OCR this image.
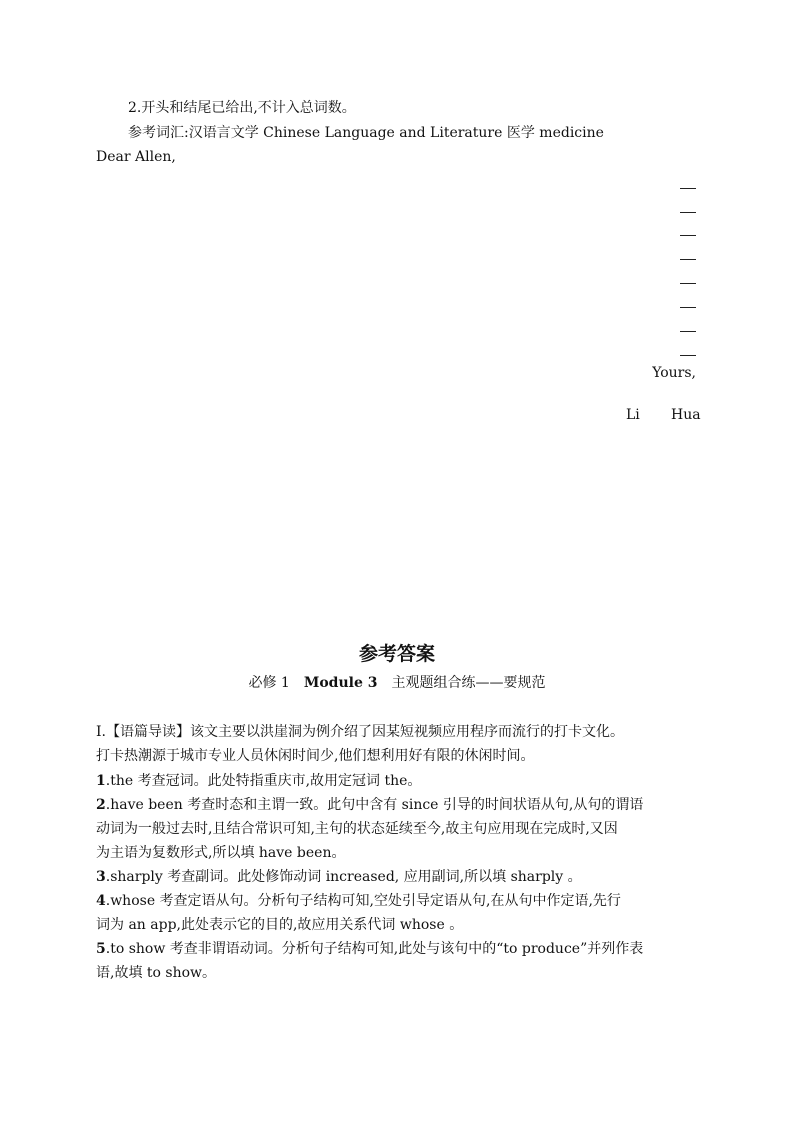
2.开头和结尾已给出,不计入总词数。
参考词汇:汉语言文学 Chinese Language and Literature 医学 medicine
Dear Allen,
Yours,
Li Hua
参考答案
必修 1 Module 3 主观题组合练——要规范
Ⅰ.【语篇导读】该文主要以洪崖洞为例介绍了因某短视频应用程序而流行的打卡文化。
打卡热潮源于城市专业人员休闲时间少,他们想利用好有限的休闲时间。
1.the 考查冠词。此处特指重庆市,故用定冠词 the。
2.have been 考查时态和主谓一致。此句中含有 since 引导的时间状语从句,从句的谓语
动词为一般过去时,且结合常识可知,主句的状态延续至今,故主句应用现在完成时,又因
为主语为复数形式,所以填 have been。
3.sharply 考查副词。此处修饰动词 increased, 应用副词,所以填 sharply 。
4.whose 考查定语从句。分析句子结构可知,空处引导定语从句,在从句中作定语,先行
词为 an app,此处表示它的目的,故应用关系代词 whose 。
5.to show 考查非谓语动词。分析句子结构可知,此处与该句中的“to produce”并列作表
语,故填 to show。
